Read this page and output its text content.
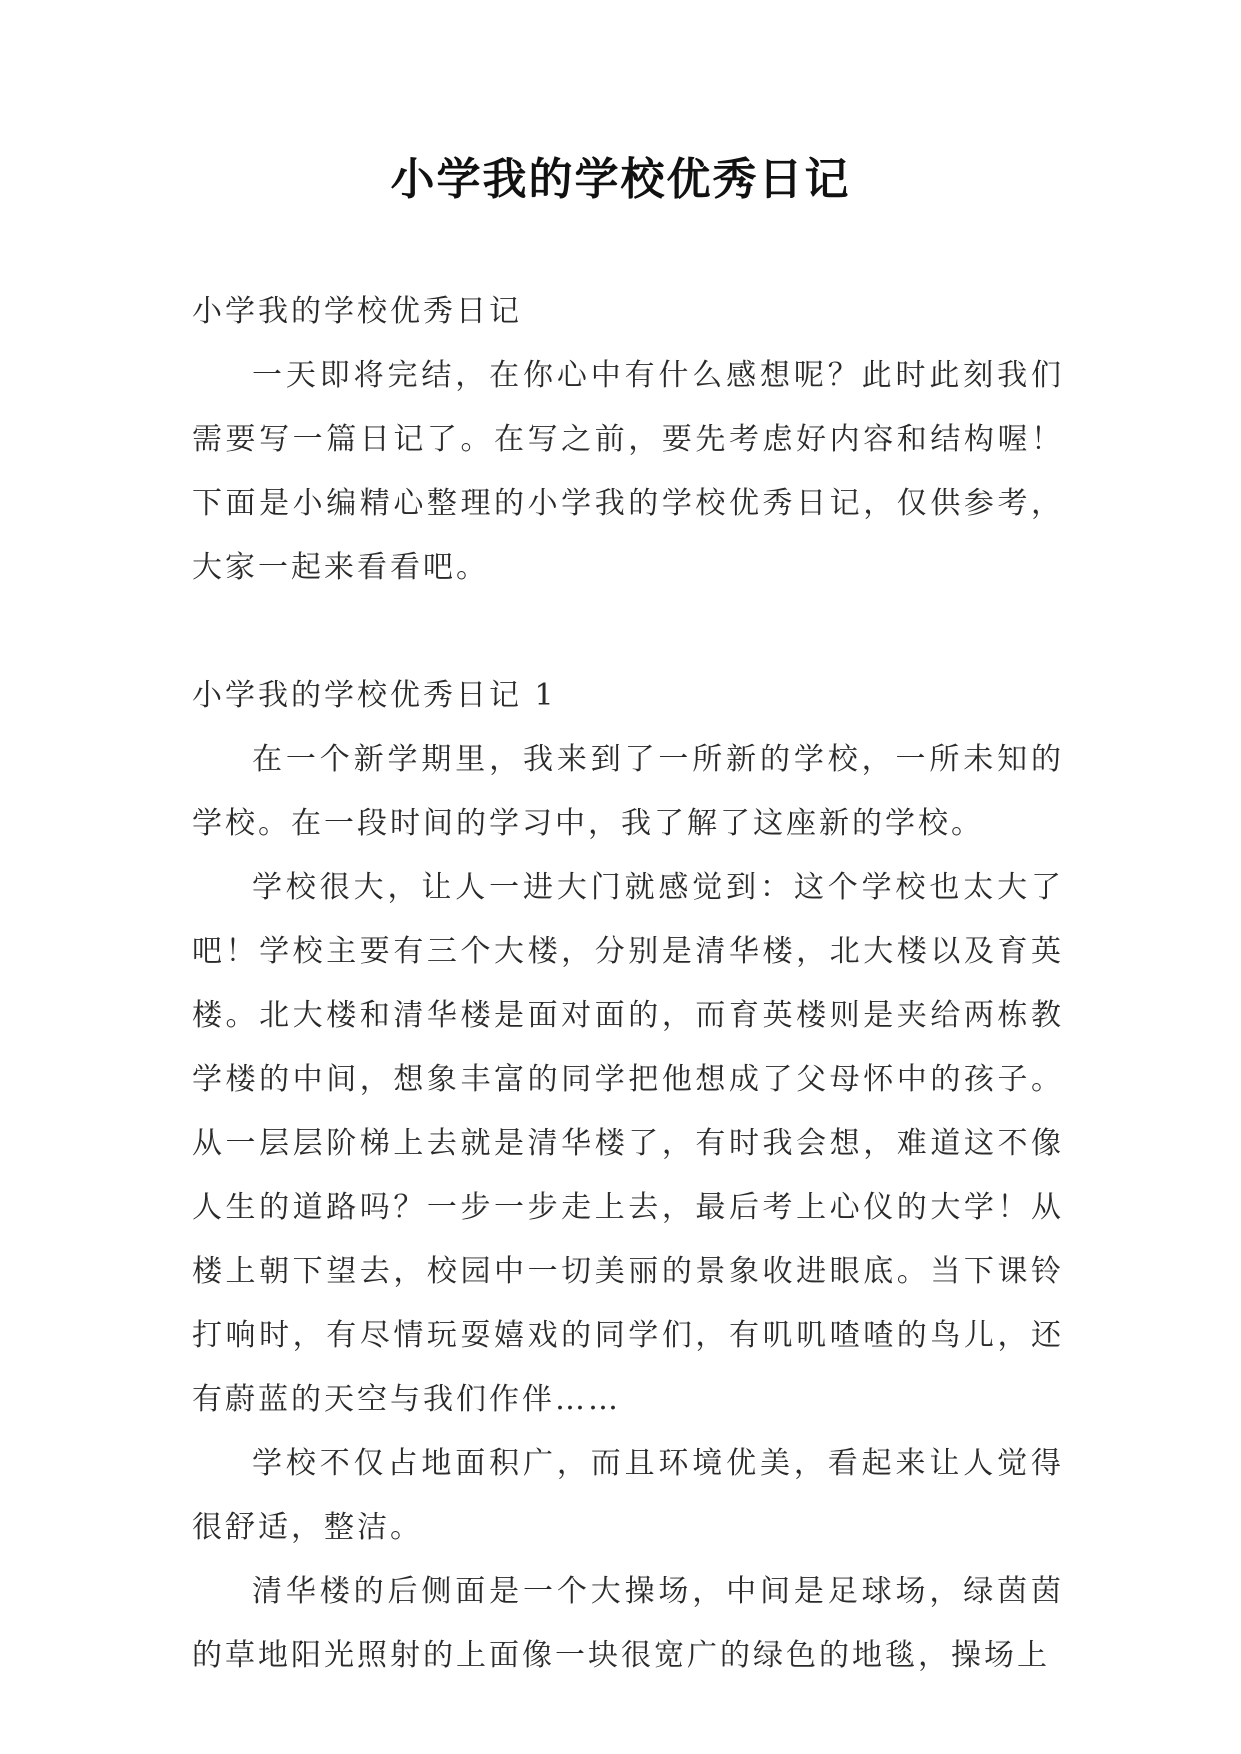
小学我的学校优秀日记

小学我的学校优秀日记

一天即将完结，在你心中有什么感想呢？此时此刻我们需要写一篇日记了。在写之前，要先考虑好内容和结构喔！下面是小编精心整理的小学我的学校优秀日记，仅供参考，大家一起来看看吧。

小学我的学校优秀日记 1

在一个新学期里，我来到了一所新的学校，一所未知的学校。在一段时间的学习中，我了解了这座新的学校。

学校很大，让人一进大门就感觉到：这个学校也太大了吧！学校主要有三个大楼，分别是清华楼，北大楼以及育英楼。北大楼和清华楼是面对面的，而育英楼则是夹给两栋教学楼的中间，想象丰富的同学把他想成了父母怀中的孩子。从一层层阶梯上去就是清华楼了，有时我会想，难道这不像人生的道路吗？一步一步走上去，最后考上心仪的大学！从楼上朝下望去，校园中一切美丽的景象收进眼底。当下课铃打响时，有尽情玩耍嬉戏的同学们，有叽叽喳喳的鸟儿，还有蔚蓝的天空与我们作伴……

学校不仅占地面积广，而且环境优美，看起来让人觉得很舒适，整洁。

清华楼的后侧面是一个大操场，中间是足球场，绿茵茵的草地阳光照射的上面像一块很宽广的绿色的地毯，操场上
